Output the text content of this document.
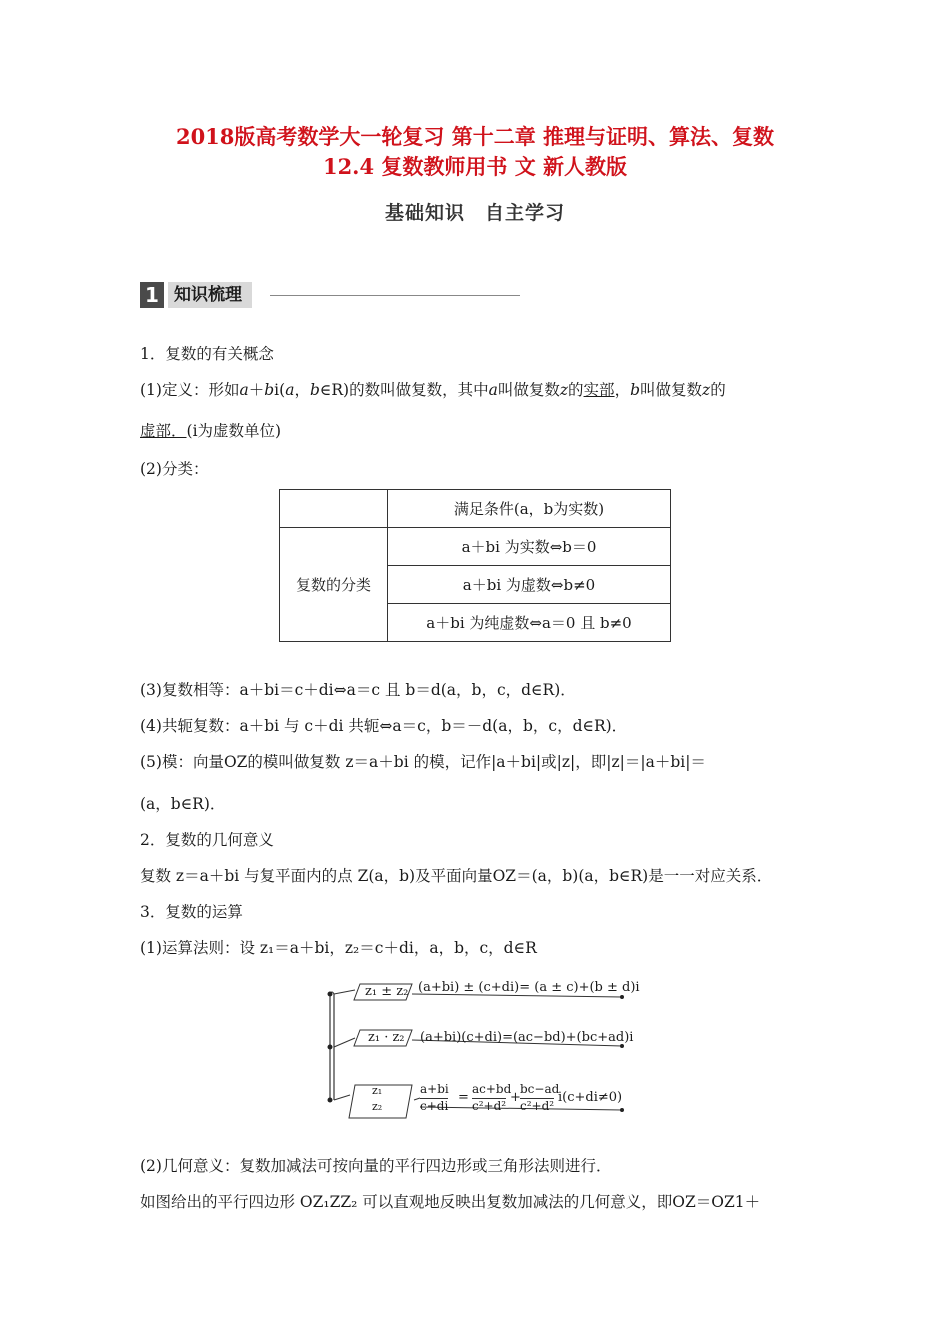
2018版高考数学大一轮复习 第十二章 推理与证明、算法、复数
12.4 复数教师用书 文 新人教版
基础知识　自主学习
1 知识梳理
1．复数的有关概念
(1)定义：形如a＋bi(a，b∈R)的数叫做复数，其中a叫做复数z的实部，b叫做复数z的
虚部．(i为虚数单位)
(2)分类：
	满足条件(a，b为实数)
复数的分类	a＋bi 为实数⇔b＝0
	a＋bi 为虚数⇔b≠0
	a＋bi 为纯虚数⇔a＝0 且 b≠0
(3)复数相等：a＋bi＝c＋di⇔a＝c 且 b＝d(a，b，c，d∈R)．
(4)共轭复数：a＋bi 与 c＋di 共轭⇔a＝c，b＝－d(a，b，c，d∈R)．
(5)模：向量OZ的模叫做复数 z＝a＋bi 的模，记作|a＋bi|或|z|，即|z|＝|a＋bi|＝
(a，b∈R)．
2．复数的几何意义
复数 z＝a＋bi 与复平面内的点 Z(a，b)及平面向量OZ＝(a，b)(a，b∈R)是一一对应关系．
3．复数的运算
(1)运算法则：设 z₁＝a＋bi，z₂＝c＋di，a，b，c，d∈R
z₁ ± z₂ (a+bi) ± (c+di)= (a ± c)+(b ± d)i
z₁ · z₂ (a+bi)(c+di)=(ac−bd)+(bc+ad)i
z₁
z₂
a+bi
c+di
=
ac+bd
c²+d²
+
bc−ad
c²+d²
i(c+di≠0)
(2)几何意义：复数加减法可按向量的平行四边形或三角形法则进行．
如图给出的平行四边形 OZ₁ZZ₂ 可以直观地反映出复数加减法的几何意义，即OZ＝OZ1＋
